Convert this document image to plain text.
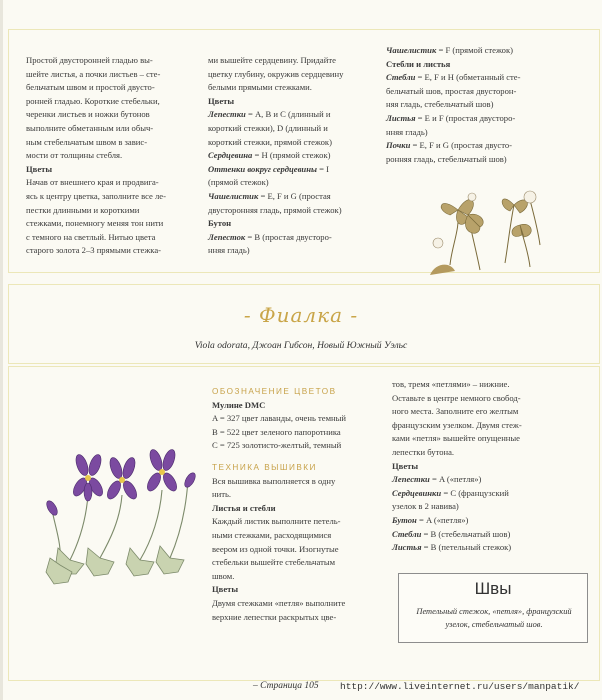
Простой двусторонней гладью вы-

шейте листья, а почки листьев – сте-

бельчатым швом и простой двусто-

ронней гладью. Короткие стебельки,

черенки листьев и ножки бутонов

выполните обметанным или обыч-

ным стебельчатым швом в завис-

мости от толщины стебля.

Цветы

Начав от внешнего края и продвига-

ясь к центру цветка, заполните все ле-

пестки длинными и короткими

стежками, понемногу меняя тон нити

с темного на светлый. Нитью цвета

старого золота 2–3 прямыми стежка-

ми вышейте сердцевину. Придайте

цветку глубину, окружив сердцевину

белыми прямыми стежками.

Цветы

Лепестки = A, B и C (длинный и

короткий стежки), D (длинный и

короткий стежки, прямой стежок)

Сердцевина = H (прямой стежок)

Оттенки вокруг сердцевины = I

(прямой стежок)

Чашелистик = E, F и G (простая

двусторонняя гладь, прямой стежок)

Бутон

Лепесток = B (простая двусторо-

нняя гладь)

Чашелистик = F (прямой стежок)

Стебли и листья

Стебли = E, F и H (обметанный сте-

бельчатый шов, простая двусторон-

няя гладь, стебельчатый шов)

Листья = E и F (простая двусторо-

нняя гладь)

Почки = E, F и G (простая двусто-

ронняя гладь, стебельчатый шов)

- Фиалка -
Viola odorata, Джоан Гибсон, Новый Южный Уэльс

ОБОЗНАЧЕНИЕ ЦВЕТОВ

Мулине DMC

A = 327 цвет лаванды, очень темный

B = 522 цвет зеленого папоротника

C = 725 золотисто-желтый, темный

ТЕХНИКА ВЫШИВКИ

Вся вышивка выполняется в одну

нить.

Листья и стебли

Каждый листик выполните петель-

ными стежками, расходящимися

веером из одной точки. Изогнутые

стебельки вышейте стебельчатым

швом.

Цветы

Двумя стежками «петля» выполните

верхние лепестки раскрытых цве-

тов, тремя «петлями» – нижние.

Оставьте в центре немного свобод-

ного места. Заполните его желтым

французским узелком. Двумя стеж-

ками «петля» вышейте опущенные

лепестки бутона.

Цветы

Лепестки = A («петля»)

Сердцевинки = C (французский

узелок в 2 навива)

Бутон = A («петля»)

Стебли = B (стебельчатый шов)

Листья = B (петельный стежок)

Швы
Петельный стежок, «петля», французский узелок, стебельчатый шов.
– Страница 105 http://www.liveinternet.ru/users/manpatik/
